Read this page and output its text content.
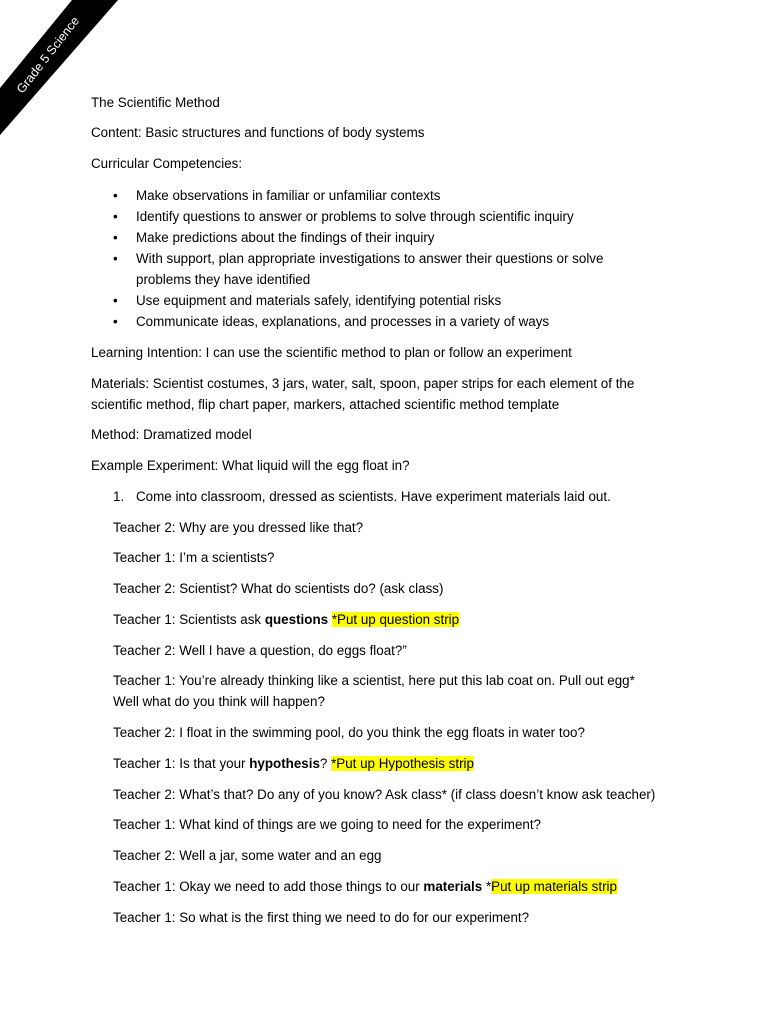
Grade 5 Science
The Scientific Method
Content: Basic structures and functions of body systems
Curricular Competencies:
• Make observations in familiar or unfamiliar contexts
• Identify questions to answer or problems to solve through scientific inquiry
• Make predictions about the findings of their inquiry
• With support, plan appropriate investigations to answer their questions or solve
problems they have identified
• Use equipment and materials safely, identifying potential risks
• Communicate ideas, explanations, and processes in a variety of ways
Learning Intention: I can use the scientific method to plan or follow an experiment
Materials: Scientist costumes, 3 jars, water, salt, spoon, paper strips for each element of the
scientific method, flip chart paper, markers, attached scientific method template
Method: Dramatized model
Example Experiment: What liquid will the egg float in?
1. Come into classroom, dressed as scientists. Have experiment materials laid out.
Teacher 2: Why are you dressed like that?
Teacher 1: I’m a scientists?
Teacher 2: Scientist? What do scientists do? (ask class)
Teacher 1: Scientists ask questions *Put up question strip
Teacher 2: Well I have a question, do eggs float?”
Teacher 1: You’re already thinking like a scientist, here put this lab coat on. Pull out egg*
Well what do you think will happen?
Teacher 2: I float in the swimming pool, do you think the egg floats in water too?
Teacher 1: Is that your hypothesis? *Put up Hypothesis strip
Teacher 2: What’s that? Do any of you know? Ask class* (if class doesn’t know ask teacher)
Teacher 1: What kind of things are we going to need for the experiment?
Teacher 2: Well a jar, some water and an egg
Teacher 1: Okay we need to add those things to our materials *Put up materials strip
Teacher 1: So what is the first thing we need to do for our experiment?
